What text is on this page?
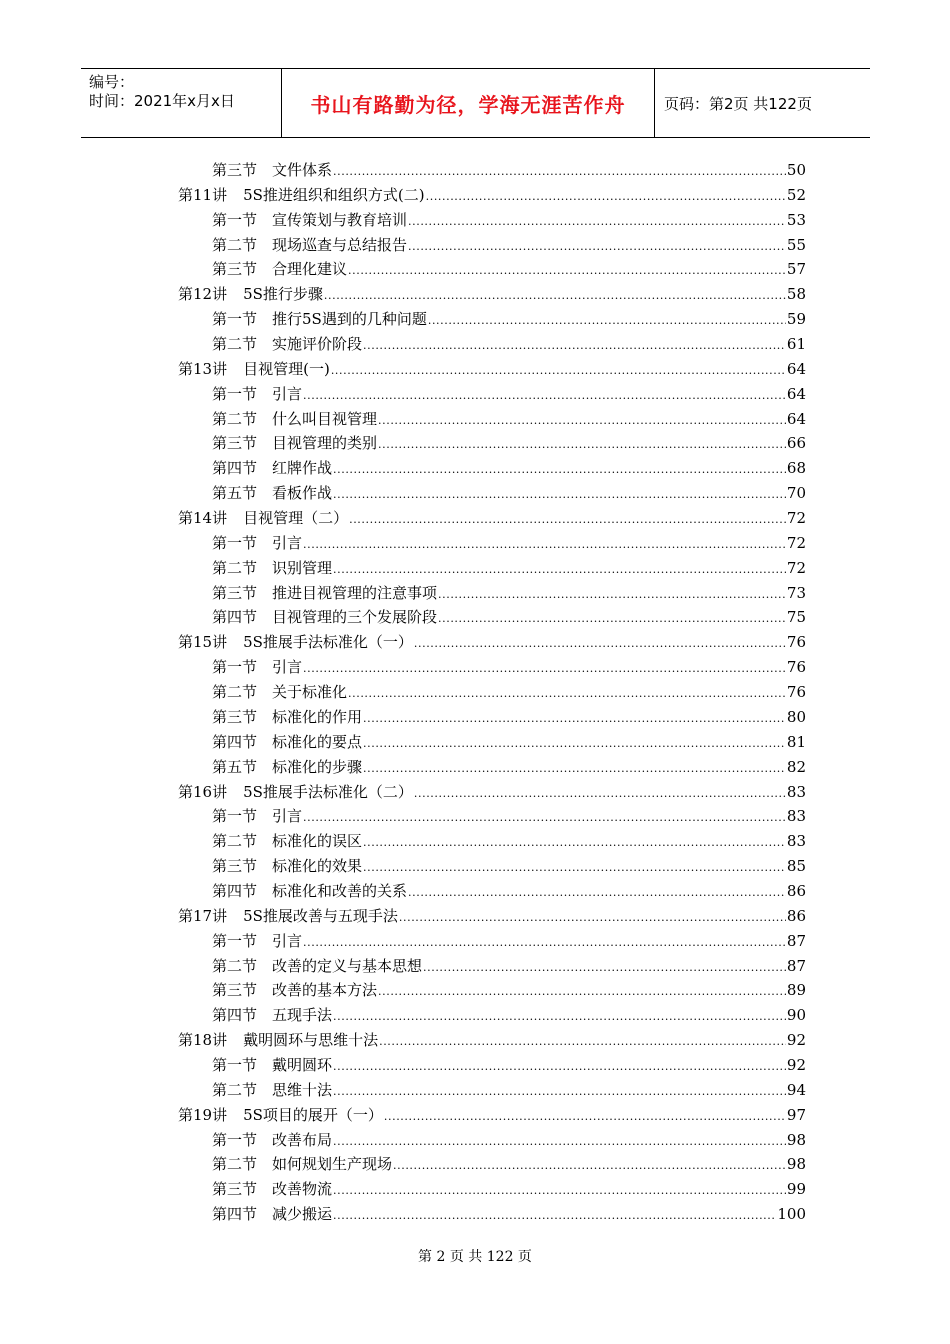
编号：
时间：2021年x月x日	书山有路勤为径，学海无涯苦作舟	页码：第2页 共122页
第三节 文件体系 .....	50
第11讲 5S推进组织和组织方式(二) .....	52
第一节 宣传策划与教育培训 .....	53
第二节 现场巡查与总结报告 .....	55
第三节 合理化建议 .....	57
第12讲 5S推行步骤 .....	58
第一节 推行5S遇到的几种问题 .....	59
第二节 实施评价阶段 .....	61
第13讲 目视管理(一) .....	64
第一节 引言 .....	64
第二节 什么叫目视管理 .....	64
第三节 目视管理的类别 .....	66
第四节 红牌作战 .....	68
第五节 看板作战 .....	70
第14讲 目视管理（二） .....	72
第一节 引言 .....	72
第二节 识别管理 .....	72
第三节 推进目视管理的注意事项 .....	73
第四节 目视管理的三个发展阶段 .....	75
第15讲 5S推展手法标准化（一） .....	76
第一节 引言 .....	76
第二节 关于标准化 .....	76
第三节 标准化的作用 .....	80
第四节 标准化的要点 .....	81
第五节 标准化的步骤 .....	82
第16讲 5S推展手法标准化（二） .....	83
第一节 引言 .....	83
第二节 标准化的误区 .....	83
第三节 标准化的效果 .....	85
第四节 标准化和改善的关系 .....	86
第17讲 5S推展改善与五现手法 .....	86
第一节 引言 .....	87
第二节 改善的定义与基本思想 .....	87
第三节 改善的基本方法 .....	89
第四节 五现手法 .....	90
第18讲 戴明圆环与思维十法 .....	92
第一节 戴明圆环 .....	92
第二节 思维十法 .....	94
第19讲 5S项目的展开（一） .....	97
第一节 改善布局 .....	98
第二节 如何规划生产现场 .....	98
第三节 改善物流 .....	99
第四节 减少搬运 .....	100
第 2 页 共 122 页
